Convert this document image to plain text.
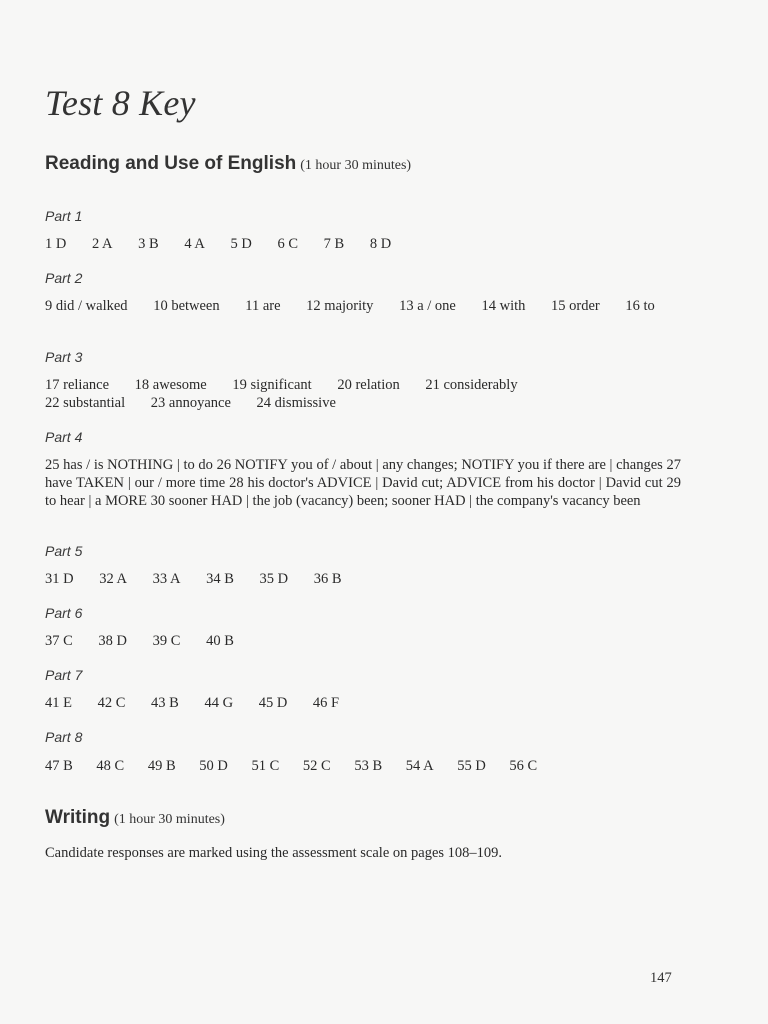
Test 8 Key
Reading and Use of English (1 hour 30 minutes)
Part 1
1 D 2 A 3 B 4 A 5 D 6 C 7 B 8 D
Part 2
9 did / walked 10 between 11 are 12 majority 13 a / one 14 with 15 order 16 to
Part 3
17 reliance 18 awesome 19 significant 20 relation 21 considerably 22 substantial 23 annoyance 24 dismissive
Part 4
25 has / is NOTHING | to do 26 NOTIFY you of / about | any changes; NOTIFY you if there are | changes 27 have TAKEN | our / more time 28 his doctor's ADVICE | David cut; ADVICE from his doctor | David cut 29 to hear | a MORE 30 sooner HAD | the job (vacancy) been; sooner HAD | the company's vacancy been
Part 5
31 D 32 A 33 A 34 B 35 D 36 B
Part 6
37 C 38 D 39 C 40 B
Part 7
41 E 42 C 43 B 44 G 45 D 46 F
Part 8
47 B 48 C 49 B 50 D 51 C 52 C 53 B 54 A 55 D 56 C
Writing (1 hour 30 minutes)
Candidate responses are marked using the assessment scale on pages 108–109.
147
